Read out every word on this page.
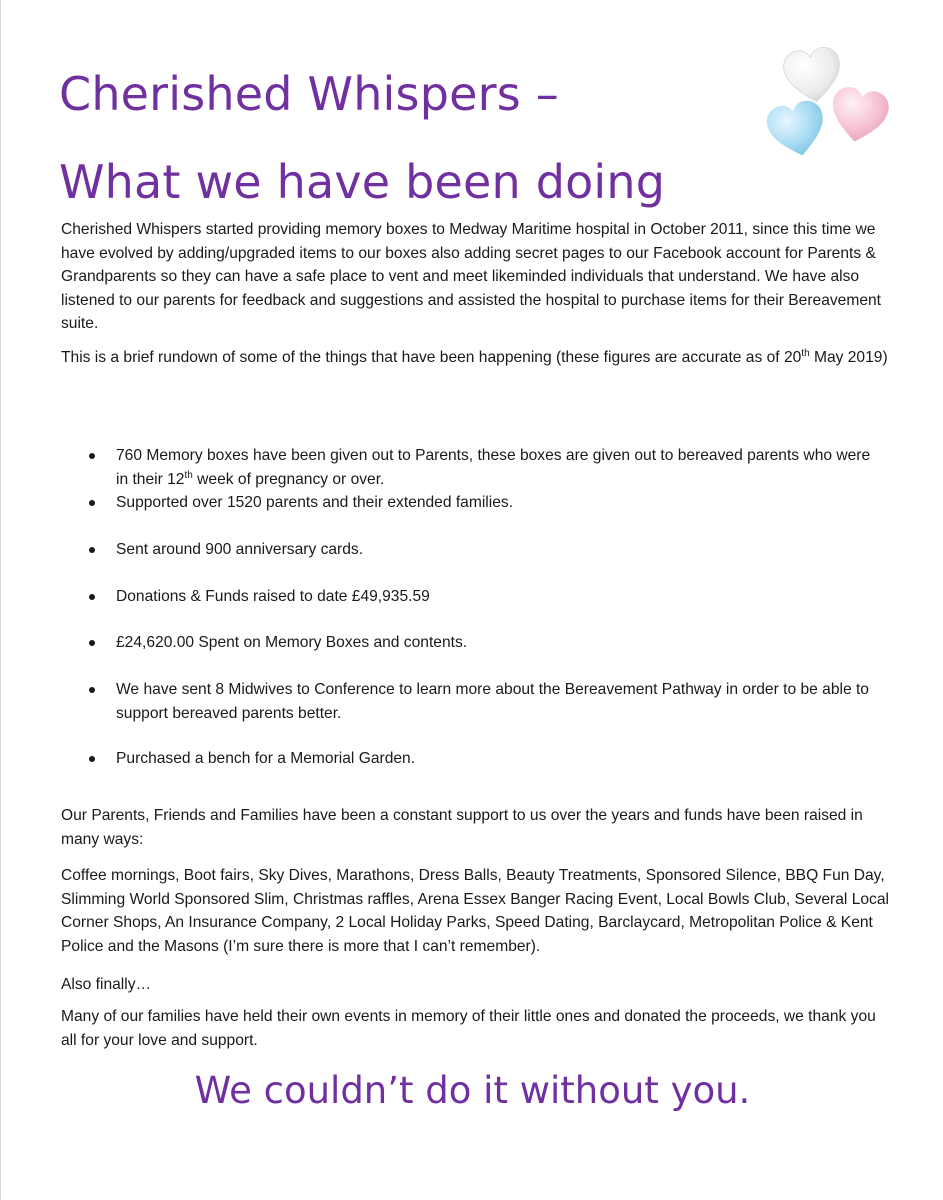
Cherished Whispers –
What we have been doing

Cherished Whispers started providing memory boxes to Medway Maritime hospital in October 2011, since this time we have evolved by adding/upgraded items to our boxes also adding secret pages to our Facebook account for Parents & Grandparents so they can have a safe place to vent and meet likeminded individuals that understand. We have also listened to our parents for feedback and suggestions and assisted the hospital to purchase items for their Bereavement suite.

This is a brief rundown of some of the things that have been happening (these figures are accurate as of 20th May 2019)

760 Memory boxes have been given out to Parents, these boxes are given out to bereaved parents who were in their 12th week of pregnancy or over.

Supported over 1520 parents and their extended families.

Sent around 900 anniversary cards.

Donations & Funds raised to date £49,935.59

£24,620.00 Spent on Memory Boxes and contents.

We have sent 8 Midwives to Conference to learn more about the Bereavement Pathway in order to be able to support bereaved parents better.

Purchased a bench for a Memorial Garden.

Our Parents, Friends and Families have been a constant support to us over the years and funds have been raised in many ways:

Coffee mornings, Boot fairs, Sky Dives, Marathons, Dress Balls, Beauty Treatments, Sponsored Silence, BBQ Fun Day, Slimming World Sponsored Slim, Christmas raffles, Arena Essex Banger Racing Event, Local Bowls Club, Several Local Corner Shops, An Insurance Company, 2 Local Holiday Parks, Speed Dating, Barclaycard, Metropolitan Police & Kent Police and the Masons (I’m sure there is more that I can’t remember).

Also finally…

Many of our families have held their own events in memory of their little ones and donated the proceeds, we thank you all for your love and support.

We couldn’t do it without you.
